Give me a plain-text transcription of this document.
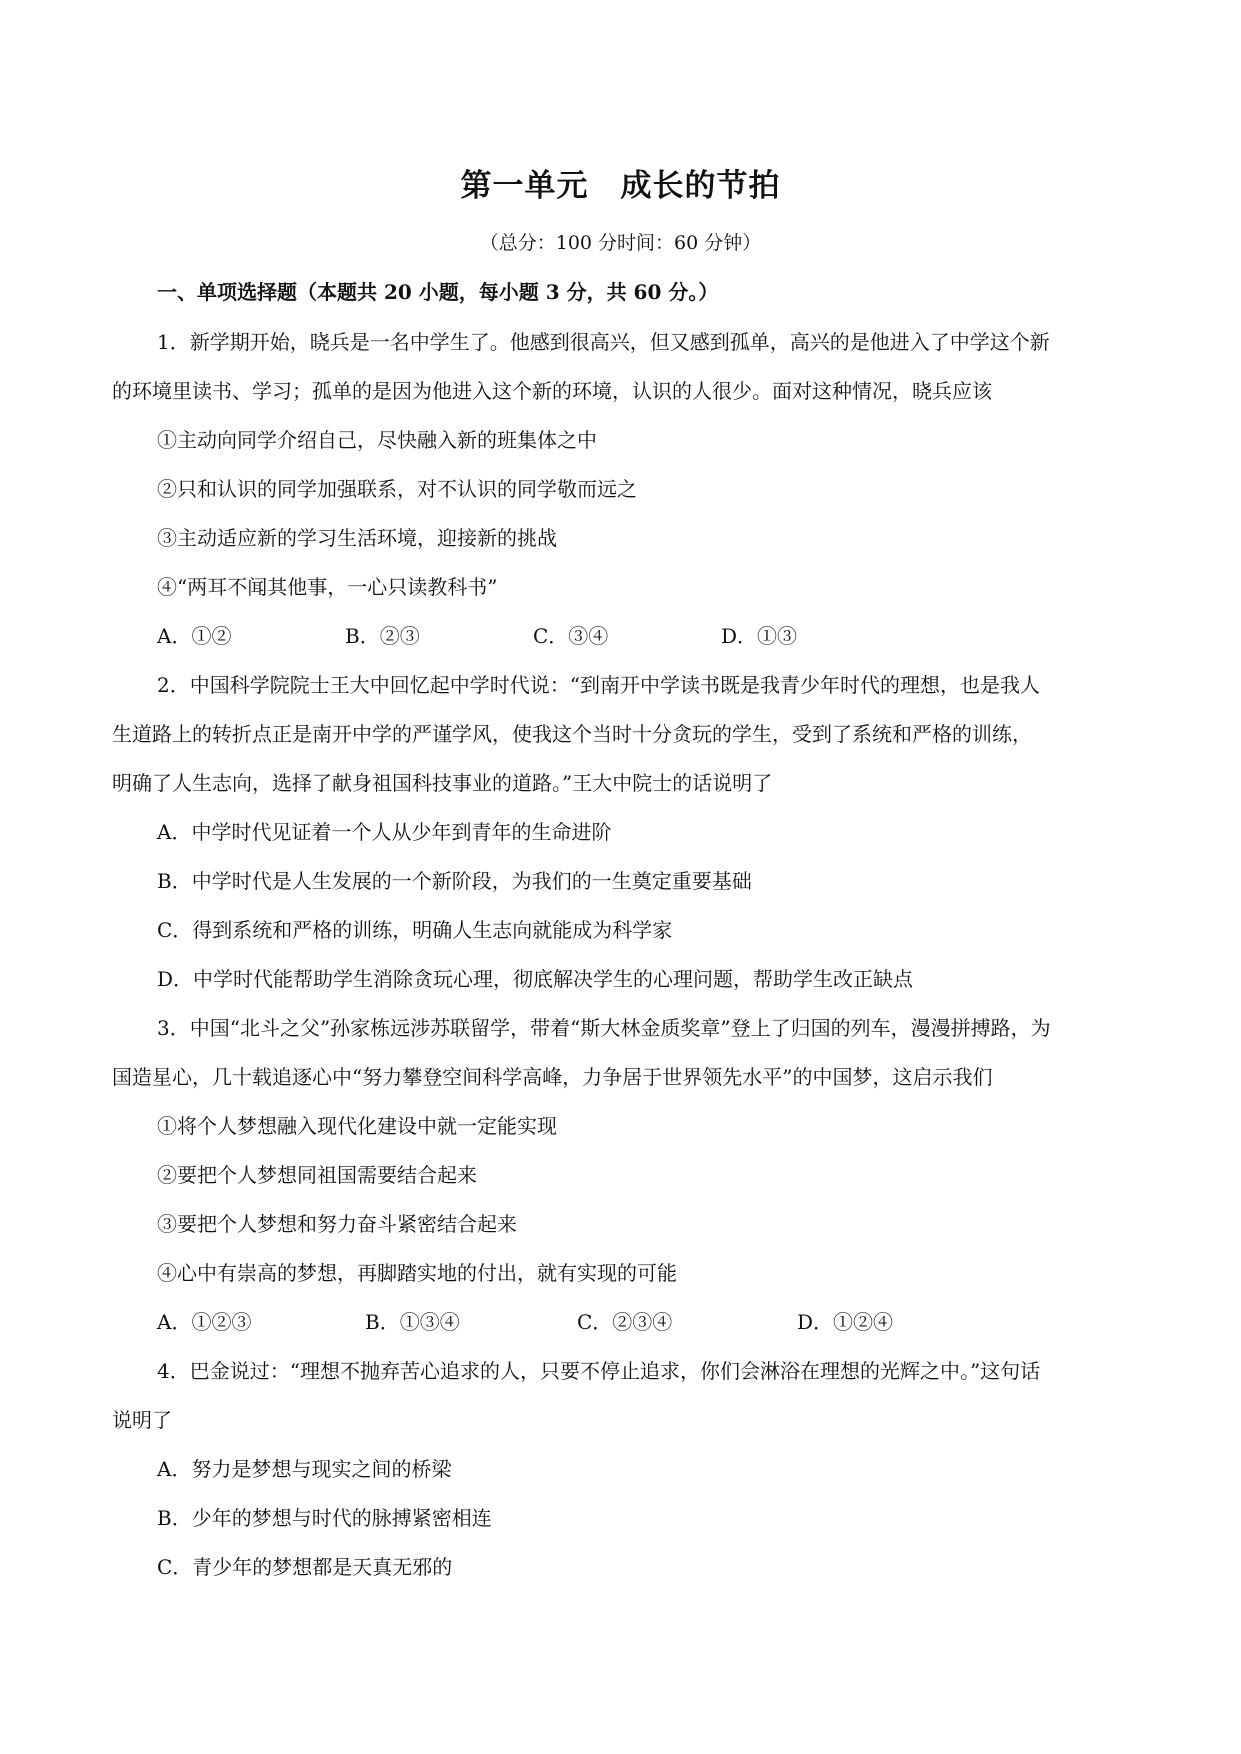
第一单元　成长的节拍
（总分：100 分时间：60 分钟）
一、单项选择题（本题共 20 小题，每小题 3 分，共 60 分。）
1．新学期开始，晓兵是一名中学生了。他感到很高兴，但又感到孤单，高兴的是他进入了中学这个新
的环境里读书、学习；孤单的是因为他进入这个新的环境，认识的人很少。面对这种情况，晓兵应该
①主动向同学介绍自己，尽快融入新的班集体之中
②只和认识的同学加强联系，对不认识的同学敬而远之
③主动适应新的学习生活环境，迎接新的挑战
④“两耳不闻其他事，一心只读教科书”
A．①②	B．②③	C．③④	D．①③
2．中国科学院院士王大中回忆起中学时代说：“到南开中学读书既是我青少年时代的理想，也是我人
生道路上的转折点正是南开中学的严谨学风，使我这个当时十分贪玩的学生，受到了系统和严格的训练，
明确了人生志向，选择了献身祖国科技事业的道路。”王大中院士的话说明了
A．中学时代见证着一个人从少年到青年的生命进阶
B．中学时代是人生发展的一个新阶段，为我们的一生奠定重要基础
C．得到系统和严格的训练，明确人生志向就能成为科学家
D．中学时代能帮助学生消除贪玩心理，彻底解决学生的心理问题，帮助学生改正缺点
3．中国“北斗之父”孙家栋远涉苏联留学，带着“斯大林金质奖章”登上了归国的列车，漫漫拼搏路，为
国造星心，几十载追逐心中“努力攀登空间科学高峰，力争居于世界领先水平”的中国梦，这启示我们
①将个人梦想融入现代化建设中就一定能实现
②要把个人梦想同祖国需要结合起来
③要把个人梦想和努力奋斗紧密结合起来
④心中有崇高的梦想，再脚踏实地的付出，就有实现的可能
A．①②③	B．①③④	C．②③④	D．①②④
4．巴金说过：“理想不抛弃苦心追求的人，只要不停止追求，你们会淋浴在理想的光辉之中。”这句话
说明了
A．努力是梦想与现实之间的桥梁
B．少年的梦想与时代的脉搏紧密相连
C．青少年的梦想都是天真无邪的
